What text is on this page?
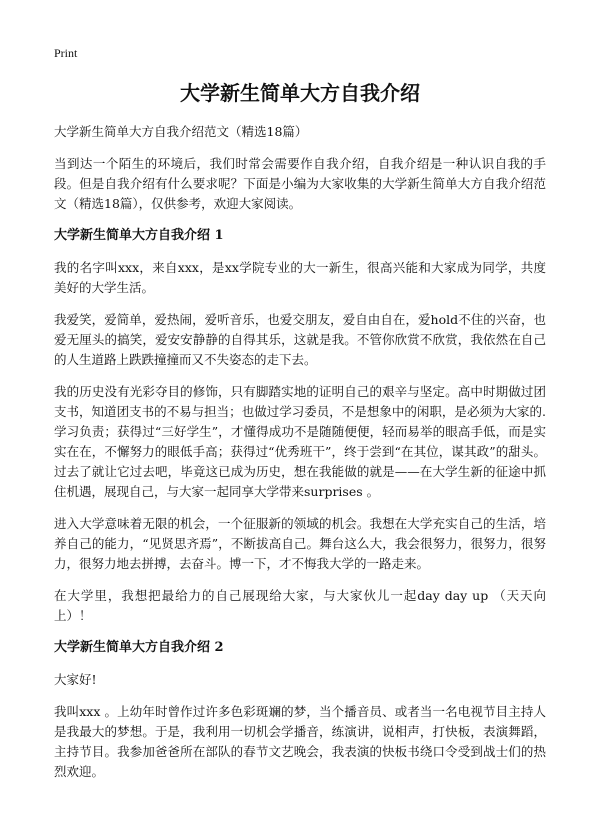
Print
大学新生简单大方自我介绍
大学新生简单大方自我介绍范文（精选18篇）

当到达一个陌生的环境后，我们时常会需要作自我介绍，自我介绍是一种认识自我的手段。但是自我介绍有什么要求呢？下面是小编为大家收集的大学新生简单大方自我介绍范文（精选18篇），仅供参考，欢迎大家阅读。

大学新生简单大方自我介绍 1

我的名字叫xxx，来自xxx，是xx学院专业的大一新生，很高兴能和大家成为同学，共度美好的大学生活。

我爱笑，爱简单，爱热闹，爱听音乐，也爱交朋友，爱自由自在，爱hold不住的兴奋，也爱无厘头的搞笑，爱安安静静的自得其乐，这就是我。不管你欣赏不欣赏，我依然在自己的人生道路上跌跌撞撞而又不失姿态的走下去。

我的历史没有光彩夺目的修饰，只有脚踏实地的证明自己的艰辛与坚定。高中时期做过团支书，知道团支书的不易与担当；也做过学习委员，不是想象中的闲职，是必须为大家的.学习负责；获得过“三好学生”，才懂得成功不是随随便便，轻而易举的眼高手低，而是实实在在，不懈努力的眼低手高；获得过“优秀班干”，终于尝到“在其位，谋其政”的甜头。过去了就让它过去吧，毕竟这已成为历史，想在我能做的就是——在大学生新的征途中抓住机遇，展现自己，与大家一起同享大学带来surprises 。

进入大学意味着无限的机会，一个征服新的领域的机会。我想在大学充实自己的生活，培养自己的能力，“见贤思齐焉”，不断拔高自己。舞台这么大，我会很努力，很努力，很努力，很努力地去拼搏，去奋斗。博一下，才不悔我大学的一路走来。

在大学里，我想把最给力的自己展现给大家，与大家伙儿一起day day up （天天向上）！

大学新生简单大方自我介绍 2

大家好!

我叫xxx 。上幼年时曾作过许多色彩斑斓的梦，当个播音员、或者当一名电视节目主持人是我最大的梦想。于是，我利用一切机会学播音，练演讲，说相声，打快板，表演舞蹈，主持节目。我参加爸爸所在部队的春节文艺晚会，我表演的快板书绕口令受到战士们的热烈欢迎。
